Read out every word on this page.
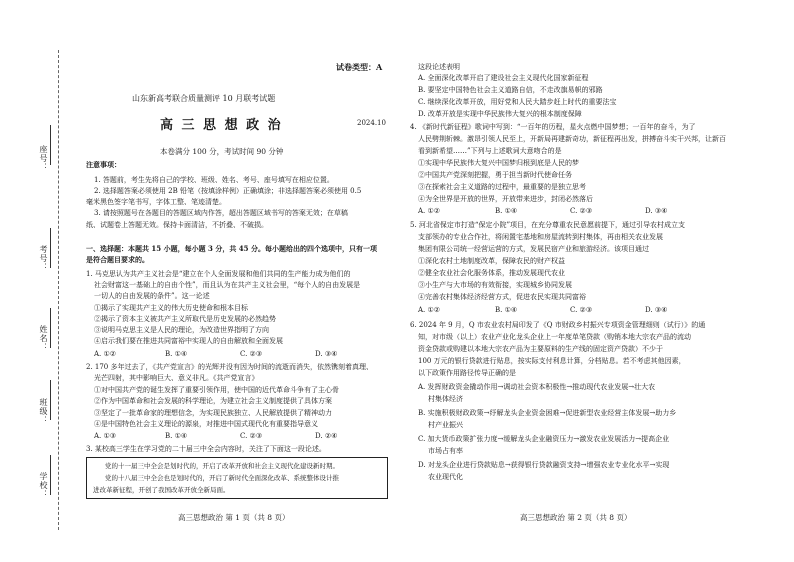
座号：
考号：
姓名：
班级：
学校：
试卷类型：A
山东新高考联合质量测评 10 月联考试题
高 三 思 想 政 治	2024.10
本卷满分 100 分，考试时间 90 分钟
注意事项：
1. 答题前，考生先将自己的学校、班级、姓名、考号、座号填写在相应位置。
2. 选择题答案必须使用 2B 铅笔（按填涂样例）正确填涂；非选择题答案必须使用 0.5
毫米黑色签字笔书写，字体工整、笔迹清楚。
3. 请按照题号在各题目的答题区域内作答，超出答题区域书写的答案无效；在草稿
纸、试题卷上答题无效。保持卡面清洁，不折叠、不破损。
一、选择题：本题共 15 小题，每小题 3 分，共 45 分。每小题给出的四个选项中，只有一项
是符合题目要求的。
1. 马克思认为共产主义社会是“建立在个人全面发展和他们共同的生产能力成为他们的
社会财富这一基础上的自由个性”，而且认为在共产主义社会里，“每个人的自由发展是
一切人的自由发展的条件”。这一论述
①揭示了实现共产主义的伟大历史使命和根本目标
②揭示了资本主义被共产主义所取代是历史发展的必然趋势
③说明马克思主义是人民的理论，为改造世界指明了方向
④启示我们要在推进共同富裕中实现人的自由解放和全面发展
A. ①②	B. ①④	C. ②③	D. ③④
2. 170 多年过去了，《共产党宣言》的光辉并没有因为时间的流逝而消失，依然镌刻着真理、
光芒四射，其中影响巨大、意义非凡。《共产党宣言》
①对中国共产党的诞生发挥了重要引领作用，使中国的近代革命斗争有了主心骨
②作为中国革命和社会发展的科学理论，为建立社会主义制度提供了具体方案
③坚定了一批革命家的理想信念，为实现民族独立、人民解放提供了精神动力
④是中国特色社会主义理论的源泉，对推进中国式现代化有重要指导意义
A. ①③	B. ①④	C. ②③	D. ②④
3. 某校高三学生在学习党的二十届三中全会内容时，关注了下面这一段论述。
党的十一届三中全会是划时代的，开启了改革开放和社会主义现代化建设新时期。
党的十八届三中全会也是划时代的，开启了新时代全面深化改革、系统整体设计推
进改革新征程，开创了我国改革开放全新局面。
高三思想政治 第 1 页（共 8 页）
这段论述表明
A. 全面深化改革开启了建设社会主义现代化国家新征程
B. 要坚定中国特色社会主义道路自信，不走改旗易帜的邪路
C. 继续深化改革开放，用好党和人民大踏步赶上时代的重要法宝
D. 改革开放是实现中华民族伟大复兴的根本制度保障
4. 《新时代新征程》歌词中写到：“一百年的历程，星火点燃中国梦想；一百年的奋斗，为了
人民劈荆斩棘。激昂引领人民至上，开新局再建新奇功，新征程再出发，拼搏奋斗实干兴邦，让新百
看到新希望……”下列与上述歌词大意吻合的是
①实现中华民族伟大复兴中国梦归根到底是人民的梦
②中国共产党深刻把握，勇于担当新时代使命任务
③在探索社会主义道路的过程中，最重要的是独立思考
④为全世界是开放的世界，开放带来进步，封闭必然落后
A. ①②	B. ①④	C. ②③	D. ③④
5. 河北省保定市打造“保定小院”项目，在充分尊重农民意愿前提下，通过引导农村成立支
支部领办的专业合作社，将闲置宅基地和房屋流转到村集体，再由相关农业发展
集团有限公司统一经营运营的方式，发展民宿产业和旅游经济。该项目通过
①深化农村土地制度改革，保障农民的财产权益
②健全农业社会化服务体系，推动发展现代农业
③小生产与大市场的有效衔接，实现城乡协同发展
④完善农村集体经济经营方式，促进农民实现共同富裕
A. ①②	B. ①④	C. ②③	D. ③④
6. 2024 年 9 月，Q 市农业农村局印发了《Q 市财政乡村振兴专项资金管理细则（试行）》的通
知，对市级（以上）农业产业化龙头企业上一年度单笔贷款（购销本地大宗农产品的流动
资金贷款或购建以本地大宗农产品为主要原料的生产线的固定资产贷款）不少于
100 万元的银行贷款进行贴息，按实际支付利息计算，分档贴息。若不考虑其他因素，
以下政策作用路径传导正确的是
A. 发挥财政资金撬动作用→调动社会资本积极性→推动现代农业发展→壮大农
村集体经济
B. 实施积极财政政策→纾解龙头企业资金困难→促进新型农业经营主体发展→助力乡
村产业振兴
C. 加大货币政策扩张力度→缓解龙头企业融资压力→激发农业发展活力→提高企业
市场占有率
D. 对龙头企业进行贷款贴息→获得银行贷款融资支持→增强农业专业化水平→实现
农业现代化
高三思想政治 第 2 页（共 8 页）
